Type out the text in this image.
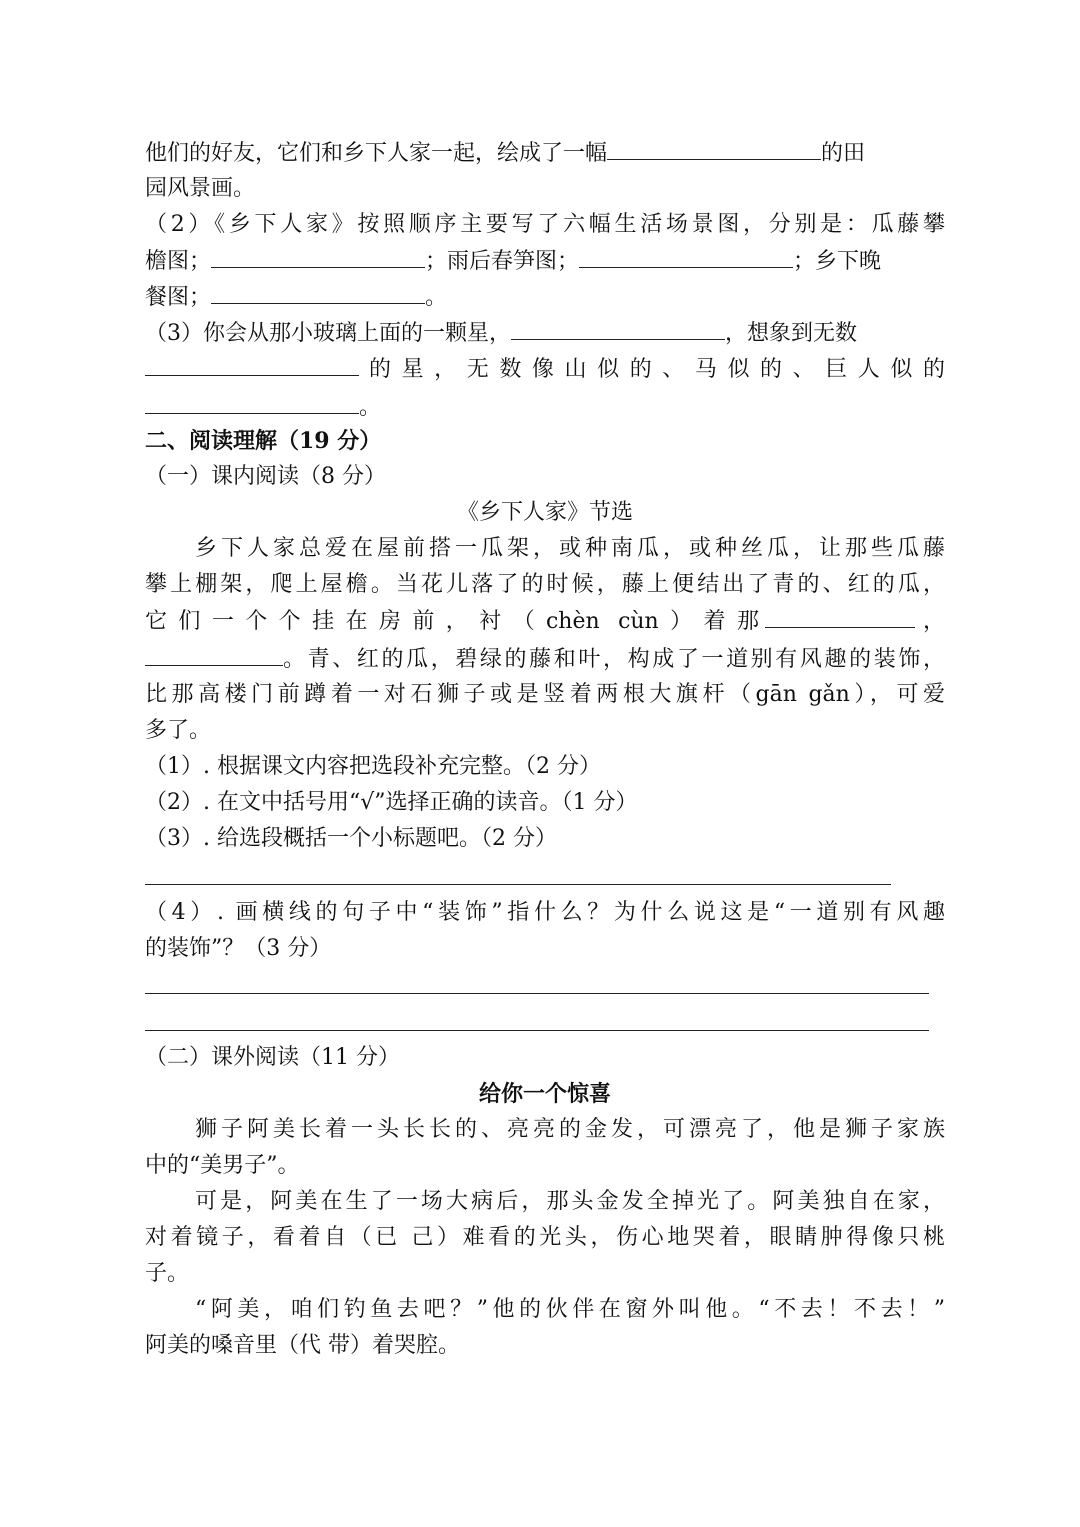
他们的好友，它们和乡下人家一起，绘成了一幅	的田
园风景画。
（2）《乡下人家》按照顺序主要写了六幅生活场景图，分别是：瓜藤攀
檐图；	；雨后春笋图；	；乡下晚
餐图；	。
（3）你会从那小玻璃上面的一颗星，	，想象到无数
的星，无数像山似的、马似的、巨人似的
。
二、阅读理解（19 分）
（一）课内阅读（8 分）
《乡下人家》节选
乡下人家总爱在屋前搭一瓜架，或种南瓜，或种丝瓜，让那些瓜藤
攀上棚架，爬上屋檐。当花儿落了的时候，藤上便结出了青的、红的瓜，
它们一个个挂在房前，衬（chèn cùn）着那	，
。青、红的瓜，碧绿的藤和叶，构成了一道别有风趣的装饰，
比那高楼门前蹲着一对石狮子或是竖着两根大旗杆（gān gǎn），可爱
多了。
（1）. 根据课文内容把选段补充完整。（2 分）
（2）. 在文中括号用“√”选择正确的读音。（1 分）
（3）. 给选段概括一个小标题吧。（2 分）
（4）. 画横线的句子中“装饰”指什么？为什么说这是“一道别有风趣
的装饰”？（3 分）
（二）课外阅读（11 分）
给你一个惊喜
狮子阿美长着一头长长的、亮亮的金发，可漂亮了，他是狮子家族
中的“美男子”。
可是，阿美在生了一场大病后，那头金发全掉光了。阿美独自在家，
对着镜子，看着自（已 己）难看的光头，伤心地哭着，眼睛肿得像只桃
子。
“阿美，咱们钓鱼去吧？”他的伙伴在窗外叫他。“不去！不去！”
阿美的嗓音里（代 带）着哭腔。
